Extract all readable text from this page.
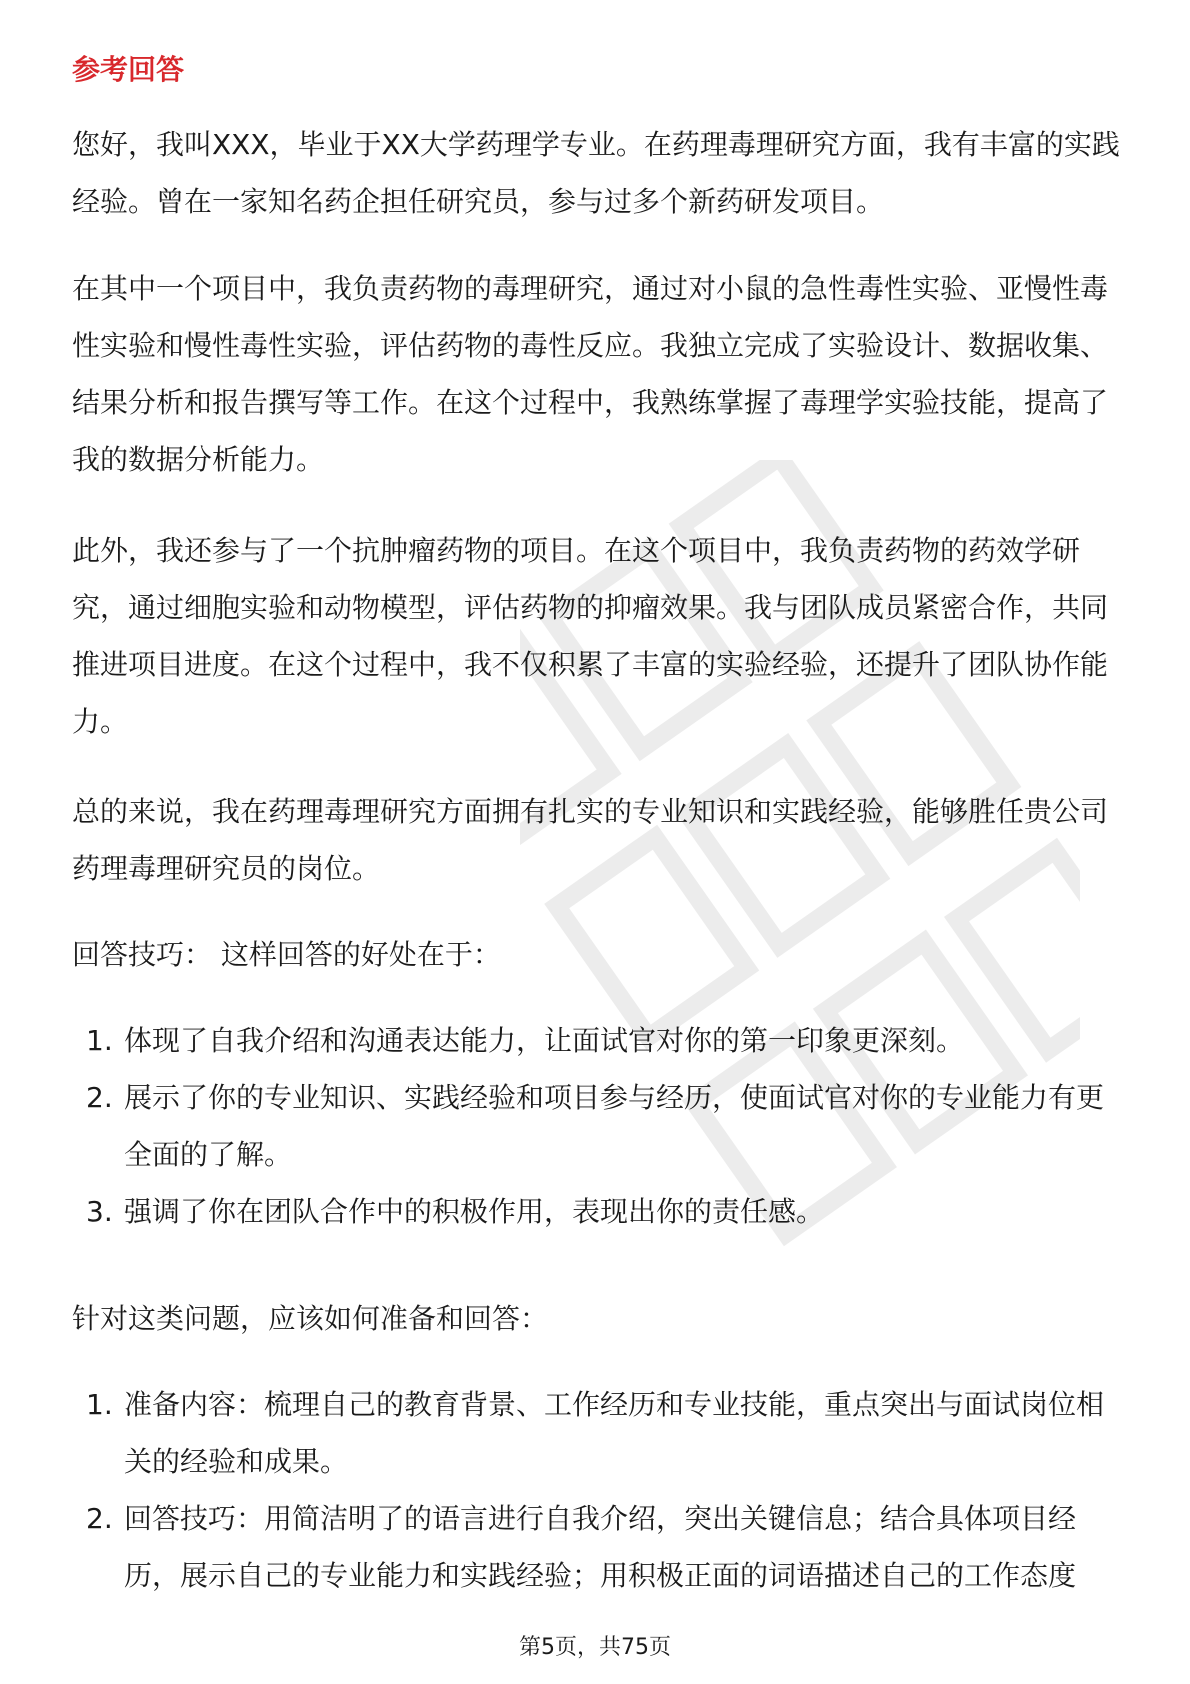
参考回答

您好，我叫XXX，毕业于XX大学药理学专业。在药理毒理研究方面，我有丰富的实践经验。曾在一家知名药企担任研究员，参与过多个新药研发项目。

在其中一个项目中，我负责药物的毒理研究，通过对小鼠的急性毒性实验、亚慢性毒性实验和慢性毒性实验，评估药物的毒性反应。我独立完成了实验设计、数据收集、结果分析和报告撰写等工作。在这个过程中，我熟练掌握了毒理学实验技能，提高了我的数据分析能力。

此外，我还参与了一个抗肿瘤药物的项目。在这个项目中，我负责药物的药效学研究，通过细胞实验和动物模型，评估药物的抑瘤效果。我与团队成员紧密合作，共同推进项目进度。在这个过程中，我不仅积累了丰富的实验经验，还提升了团队协作能力。

总的来说，我在药理毒理研究方面拥有扎实的专业知识和实践经验，能够胜任贵公司药理毒理研究员的岗位。

回答技巧： 这样回答的好处在于：

1. 体现了自我介绍和沟通表达能力，让面试官对你的第一印象更深刻。
2. 展示了你的专业知识、实践经验和项目参与经历，使面试官对你的专业能力有更全面的了解。
3. 强调了你在团队合作中的积极作用，表现出你的责任感。

针对这类问题，应该如何准备和回答：

1. 准备内容：梳理自己的教育背景、工作经历和专业技能，重点突出与面试岗位相关的经验和成果。
2. 回答技巧：用简洁明了的语言进行自我介绍，突出关键信息；结合具体项目经历，展示自己的专业能力和实践经验；用积极正面的词语描述自己的工作态度
第5页，共75页
